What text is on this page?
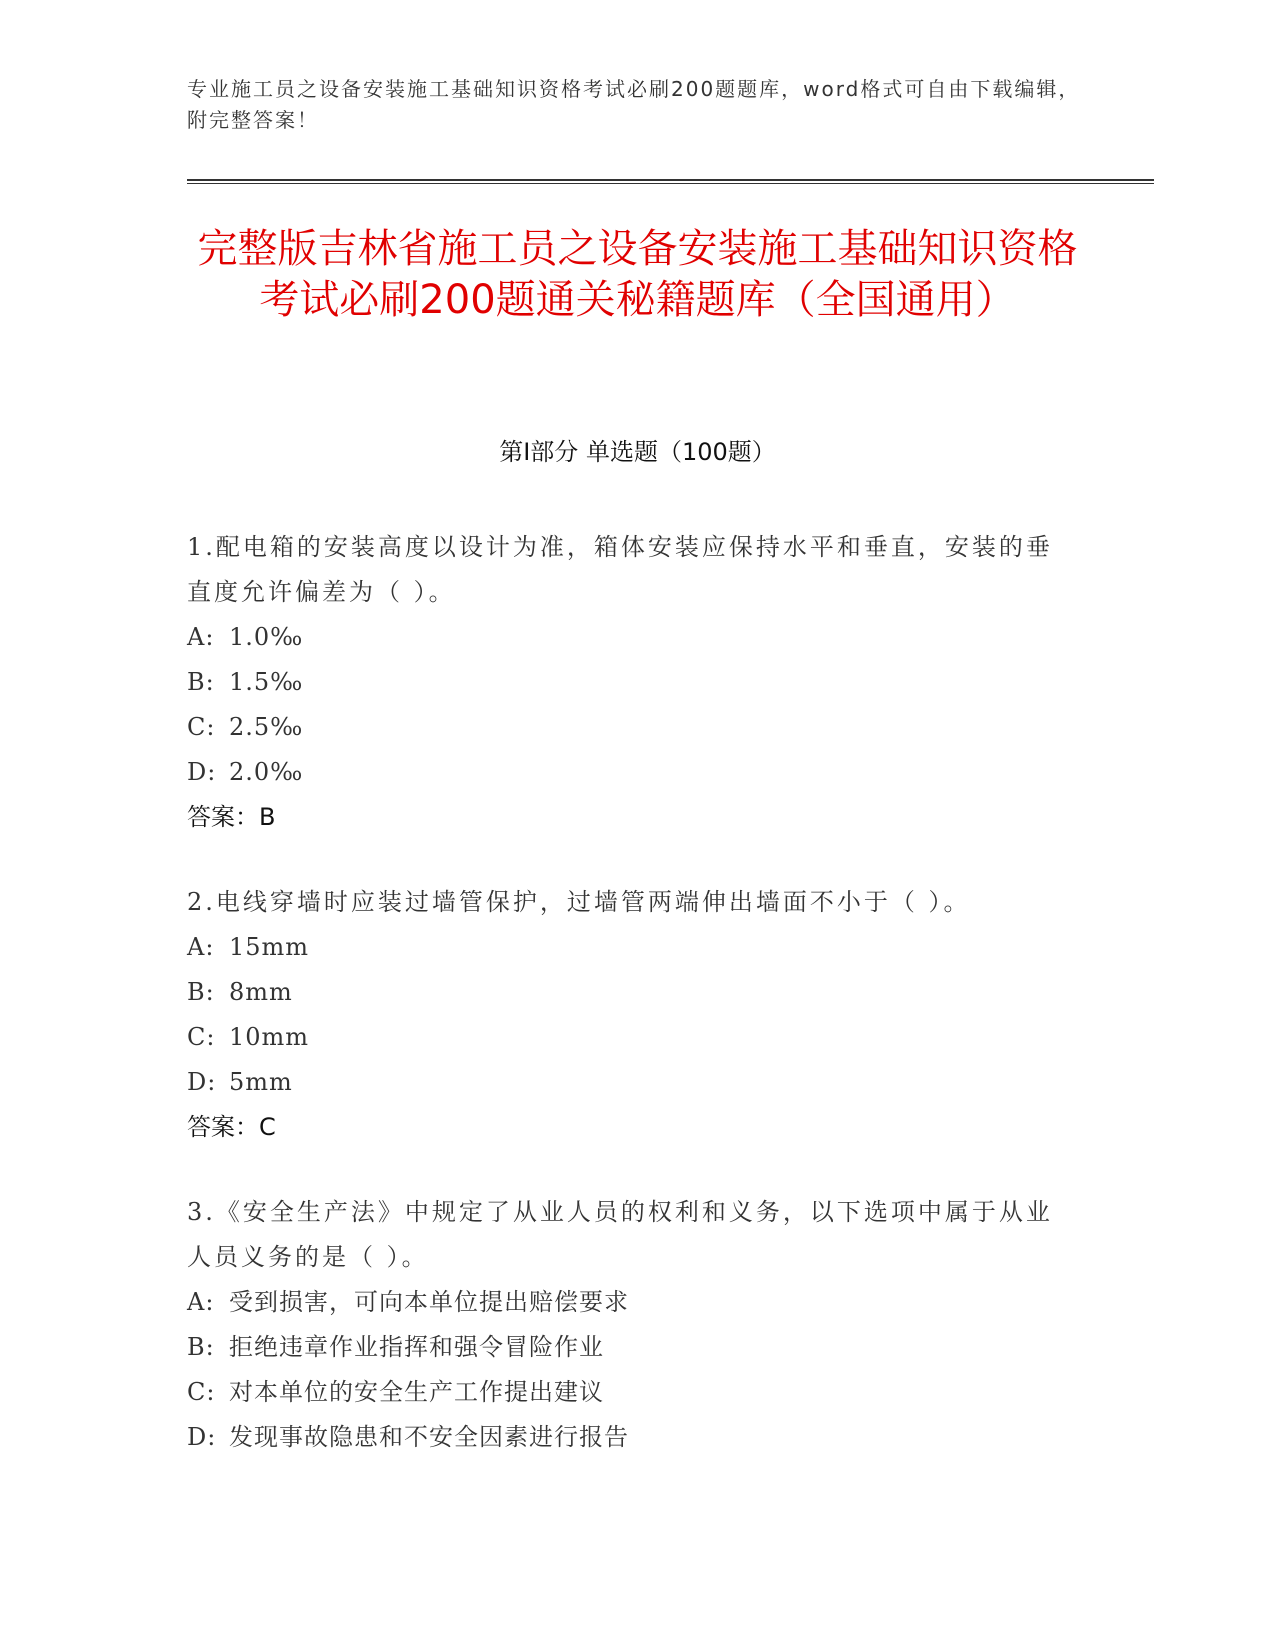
专业施工员之设备安装施工基础知识资格考试必刷200题题库，word格式可自由下载编辑，附完整答案！
完整版吉林省施工员之设备安装施工基础知识资格考试必刷200题通关秘籍题库（全国通用）
第Ⅰ部分 单选题（100题）

1.配电箱的安装高度以设计为准，箱体安装应保持水平和垂直，安装的垂直度允许偏差为（ ）。

A: 1.0‰
B: 1.5‰
C: 2.5‰
D: 2.0‰
答案：B

2.电线穿墙时应装过墙管保护，过墙管两端伸出墙面不小于（ ）。

A: 15mm
B: 8mm
C: 10mm
D: 5mm
答案：C

3.《安全生产法》中规定了从业人员的权利和义务，以下选项中属于从业人员义务的是（ ）。

A: 受到损害，可向本单位提出赔偿要求
B: 拒绝违章作业指挥和强令冒险作业
C: 对本单位的安全生产工作提出建议
D: 发现事故隐患和不安全因素进行报告
